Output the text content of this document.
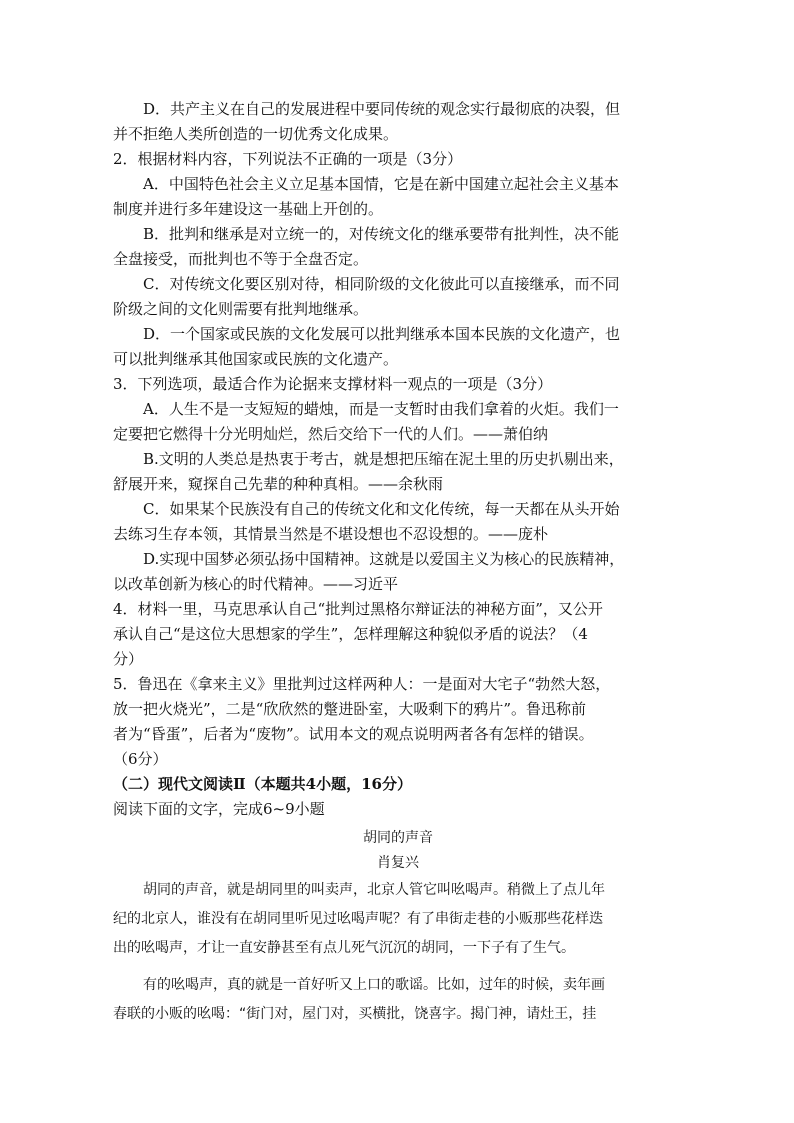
D．共产主义在自己的发展进程中要同传统的观念实行最彻底的决裂，但

并不拒绝人类所创造的一切优秀文化成果。

2．根据材料内容，下列说法不正确的一项是（3分）

A．中国特色社会主义立足基本国情，它是在新中国建立起社会主义基本

制度并进行多年建设这一基础上开创的。

B．批判和继承是对立统一的，对传统文化的继承要带有批判性，决不能

全盘接受，而批判也不等于全盘否定。

C．对传统文化要区别对待，相同阶级的文化彼此可以直接继承，而不同

阶级之间的文化则需要有批判地继承。

D．一个国家或民族的文化发展可以批判继承本国本民族的文化遗产，也

可以批判继承其他国家或民族的文化遗产。

3．下列选项，最适合作为论据来支撑材料一观点的一项是（3分）

A．人生不是一支短短的蜡烛，而是一支暂时由我们拿着的火炬。我们一

定要把它燃得十分光明灿烂，然后交给下一代的人们。——萧伯纳

B.文明的人类总是热衷于考古，就是想把压缩在泥土里的历史扒剔出来，

舒展开来，窥探自己先辈的种种真相。——余秋雨

C．如果某个民族没有自己的传统文化和文化传统，每一天都在从头开始

去练习生存本领，其情景当然是不堪设想也不忍设想的。——庞朴

D.实现中国梦必须弘扬中国精神。这就是以爱国主义为核心的民族精神，

以改革创新为核心的时代精神。——习近平

4．材料一里，马克思承认自己“批判过黑格尔辩证法的神秘方面”，又公开

承认自己“是这位大思想家的学生”，怎样理解这种貌似矛盾的说法？（4

分）

5．鲁迅在《拿来主义》里批判过这样两种人：一是面对大宅子“勃然大怒，

放一把火烧光”，二是“欣欣然的蹩进卧室，大吸剩下的鸦片”。鲁迅称前

者为“昏蛋”，后者为“废物”。试用本文的观点说明两者各有怎样的错误。

（6分）

（二）现代文阅读Ⅱ（本题共4小题，16分）

阅读下面的文字，完成6~9小题

胡同的声音

肖复兴

胡同的声音，就是胡同里的叫卖声，北京人管它叫吆喝声。稍微上了点儿年

纪的北京人，谁没有在胡同里听见过吆喝声呢？有了串街走巷的小贩那些花样迭

出的吆喝声，才让一直安静甚至有点儿死气沉沉的胡同，一下子有了生气。

有的吆喝声，真的就是一首好听又上口的歌谣。比如，过年的时候，卖年画

春联的小贩的吆喝：“街门对，屋门对，买横批，饶喜字。揭门神，请灶王，挂
